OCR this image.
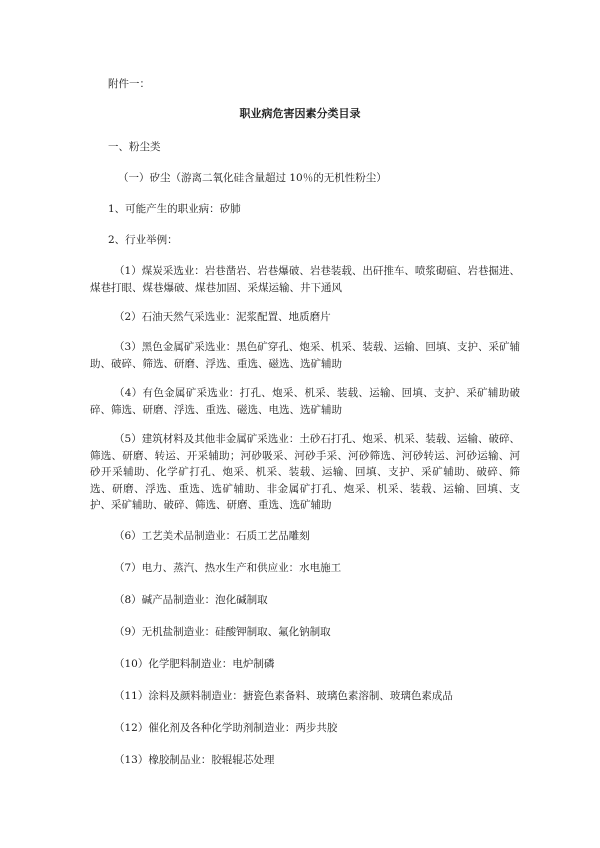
附件一：
职业病危害因素分类目录
一、粉尘类
（一）矽尘（游离二氧化硅含量超过 10％的无机性粉尘）
1、可能产生的职业病：矽肺
2、行业举例：
（1）煤炭采选业：岩巷凿岩、岩巷爆破、岩巷装载、出矸推车、喷浆砌碹、岩巷掘进、煤巷打眼、煤巷爆破、煤巷加固、采煤运输、井下通风
（2）石油天然气采选业：泥浆配置、地质磨片
（3）黑色金属矿采选业：黑色矿穿孔、炮采、机采、装载、运输、回填、支护、采矿辅助、破碎、筛选、研磨、浮选、重选、磁选、选矿辅助
（4）有色金属矿采选业：打孔、炮采、机采、装载、运输、回填、支护、采矿辅助破碎、筛选、研磨、浮选、重选、磁选、电选、选矿辅助
（5）建筑材料及其他非金属矿采选业：土砂石打孔、炮采、机采、装载、运输、破碎、筛选、研磨、转运、开采辅助；河砂吸采、河砂手采、河砂筛选、河砂转运、河砂运输、河砂开采辅助、化学矿打孔、炮采、机采、装载、运输、回填、支护、采矿辅助、破碎、筛选、研磨、浮选、重选、选矿辅助、非金属矿打孔、炮采、机采、装载、运输、回填、支护、采矿辅助、破碎、筛选、研磨、重选、选矿辅助
（6）工艺美术品制造业：石质工艺品雕刻
（7）电力、蒸汽、热水生产和供应业：水电施工
（8）碱产品制造业：泡化碱制取
（9）无机盐制造业：硅酸钾制取、氟化钠制取
（10）化学肥料制造业：电炉制磷
（11）涂料及颜料制造业：搪瓷色素备料、玻璃色素溶制、玻璃色素成品
（12）催化剂及各种化学助剂制造业：两步共胶
（13）橡胶制品业：胶辊辊芯处理
